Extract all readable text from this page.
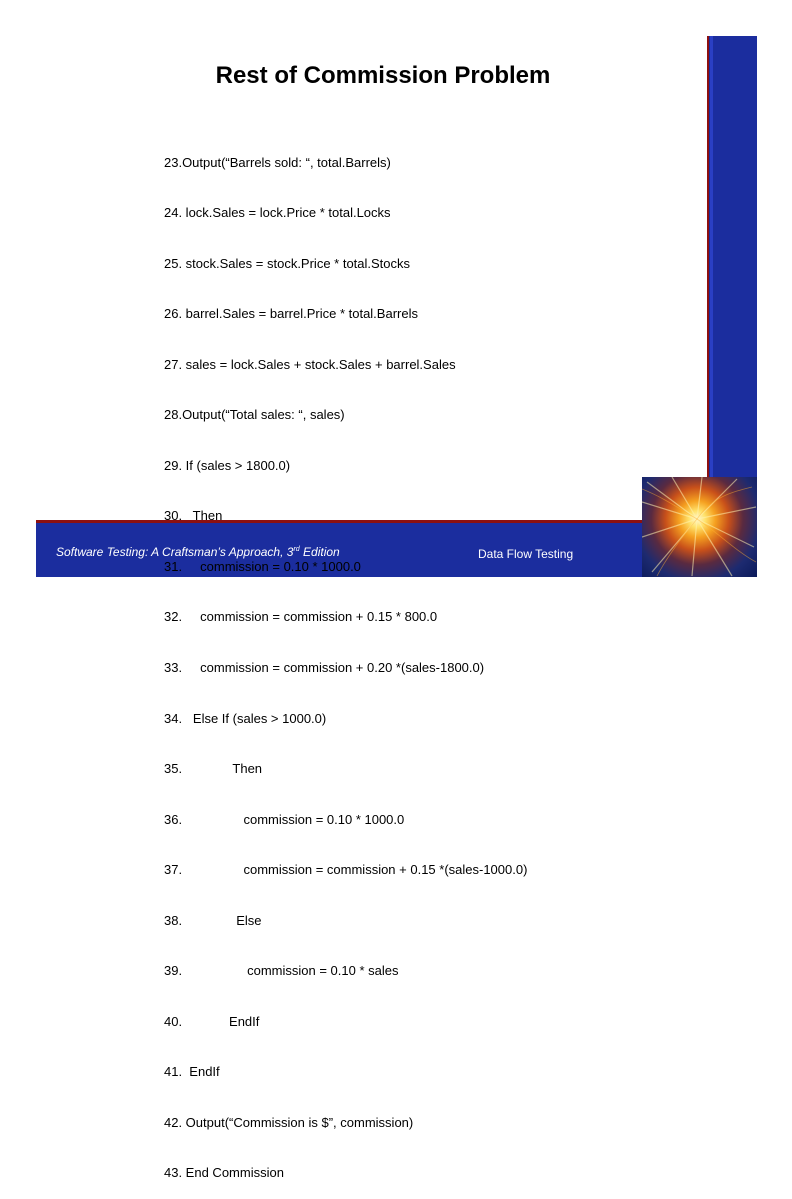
Software Testing: A Craftsman’s Approach, 3rd Edition	Data Flow Testing
Rest of Commission Problem

23.Output(“Barrels sold: “, total.Barrels)

24. lock.Sales = lock.Price * total.Locks

25. stock.Sales = stock.Price * total.Stocks

26. barrel.Sales = barrel.Price * total.Barrels

27. sales = lock.Sales + stock.Sales + barrel.Sales

28.Output(“Total sales: “, sales)

29. If (sales > 1800.0)

30.   Then

31.     commission = 0.10 * 1000.0

32.     commission = commission + 0.15 * 800.0

33.     commission = commission + 0.20 *(sales-1800.0)

34.   Else If (sales > 1000.0)

35.              Then

36.                 commission = 0.10 * 1000.0

37.                 commission = commission + 0.15 *(sales-1000.0)

38.               Else

39.                  commission = 0.10 * sales

40.             EndIf

41.  EndIf

42. Output(“Commission is $”, commission)

43. End Commission
